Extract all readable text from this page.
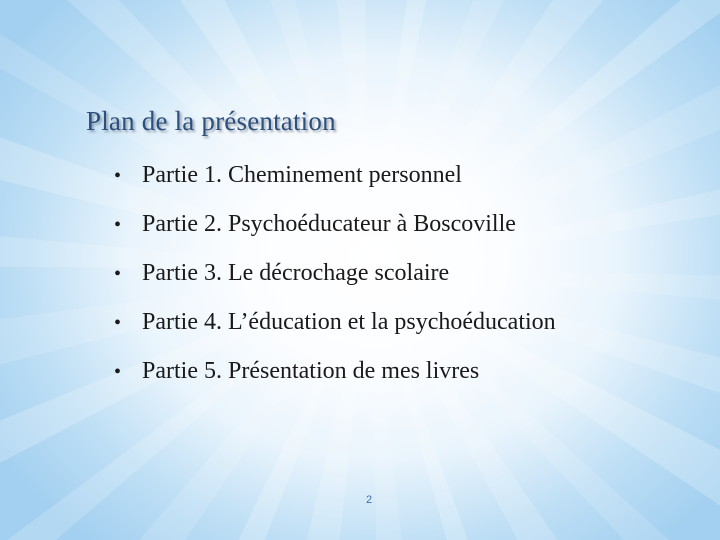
Plan de la présentation
• Partie 1. Cheminement personnel
• Partie 2. Psychoéducateur à Boscoville
• Partie 3. Le décrochage scolaire
• Partie 4. L’éducation et la psychoéducation
• Partie 5. Présentation de mes livres
2
